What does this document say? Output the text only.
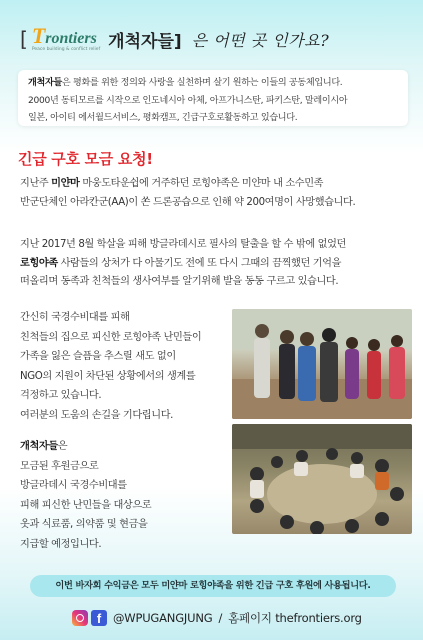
[ Trontiers
Peace building & conflict relief 개척자들] 은 어떤 곳 인가요?
개척자들은 평화를 위한 정의와 사랑을 실천하며 살기 원하는 이들의 공동체입니다.
2000년 동티모르를 시작으로 인도네시아 아체, 아프가니스탄, 파키스탄, 말레이시아
일본, 아이티 에서월드서비스, 평화캠프, 긴급구호로활동하고 있습니다.
긴급 구호 모금 요청!
지난주 미얀마 마웅도타운쉽에 거주하던 로힝야족은 미얀마 내 소수민족
반군단체인 아라칸군(AA)이 쏜 드론공습으로 인해 약 200여명이 사망했습니다.
지난 2017년 8월 학살을 피해 방글라데시로 필사의 탈출을 할 수 밖에 없었던
로힝야족 사람들의 상처가 다 아물기도 전에 또 다시 그때의 끔찍했던 기억을
떠올리며 동족과 친척들의 생사여부를 알기위해 발을 동동 구르고 있습니다.
간신히 국경수비대를 피해
친척들의 집으로 피신한 로힝야족 난민들이
가족을 잃은 슬픔을 추스릴 새도 없이
NGO의 지원이 차단된 상황에서의 생계를
걱정하고 있습니다.
여러분의 도움의 손길을 기다립니다.
개척자들은
모금된 후원금으로
방글라데시 국경수비대를
피해 피신한 난민들을 대상으로
옷과 식료품, 의약품 및 현금을
지급할 예정입니다.
이번 바자회 수익금은 모두 미얀마 로힝야족을 위한 긴급 구호 후원에 사용됩니다.
f	@WPUGANGJUNG / 홈페이지 thefrontiers.org
